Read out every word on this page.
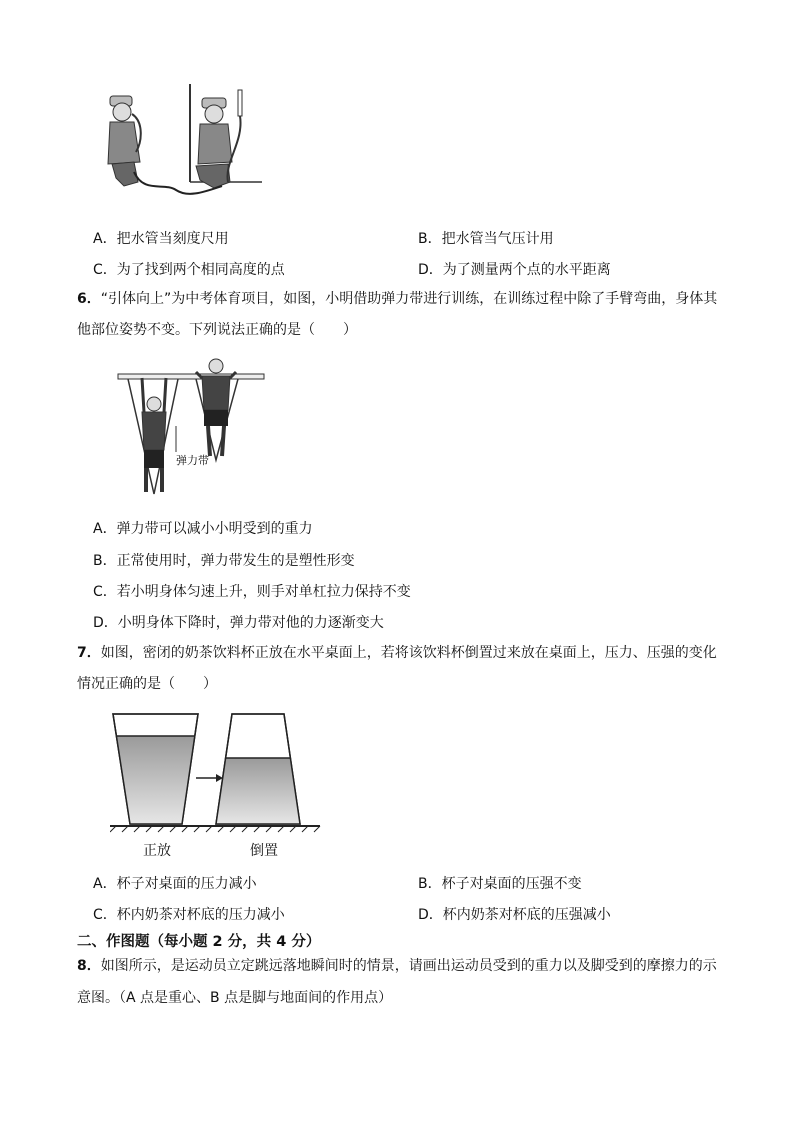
A．把水管当刻度尺用	B．把水管当气压计用
C．为了找到两个相同高度的点	D．为了测量两个点的水平距离
6．“引体向上”为中考体育项目，如图，小明借助弹力带进行训练，在训练过程中除了手臂弯曲，身体其
他部位姿势不变。下列说法正确的是（　　）
弹力带
A．弹力带可以减小小明受到的重力
B．正常使用时，弹力带发生的是塑性形变
C．若小明身体匀速上升，则手对单杠拉力保持不变
D．小明身体下降时，弹力带对他的力逐渐变大
7．如图，密闭的奶茶饮料杯正放在水平桌面上，若将该饮料杯倒置过来放在桌面上，压力、压强的变化
情况正确的是（　　）
正放	倒置
A．杯子对桌面的压力减小	B．杯子对桌面的压强不变
C．杯内奶茶对杯底的压力减小	D．杯内奶茶对杯底的压强减小
二、作图题（每小题 2 分，共 4 分）
8．如图所示，是运动员立定跳远落地瞬间时的情景，请画出运动员受到的重力以及脚受到的摩擦力的示
意图。（A 点是重心、B 点是脚与地面间的作用点）
